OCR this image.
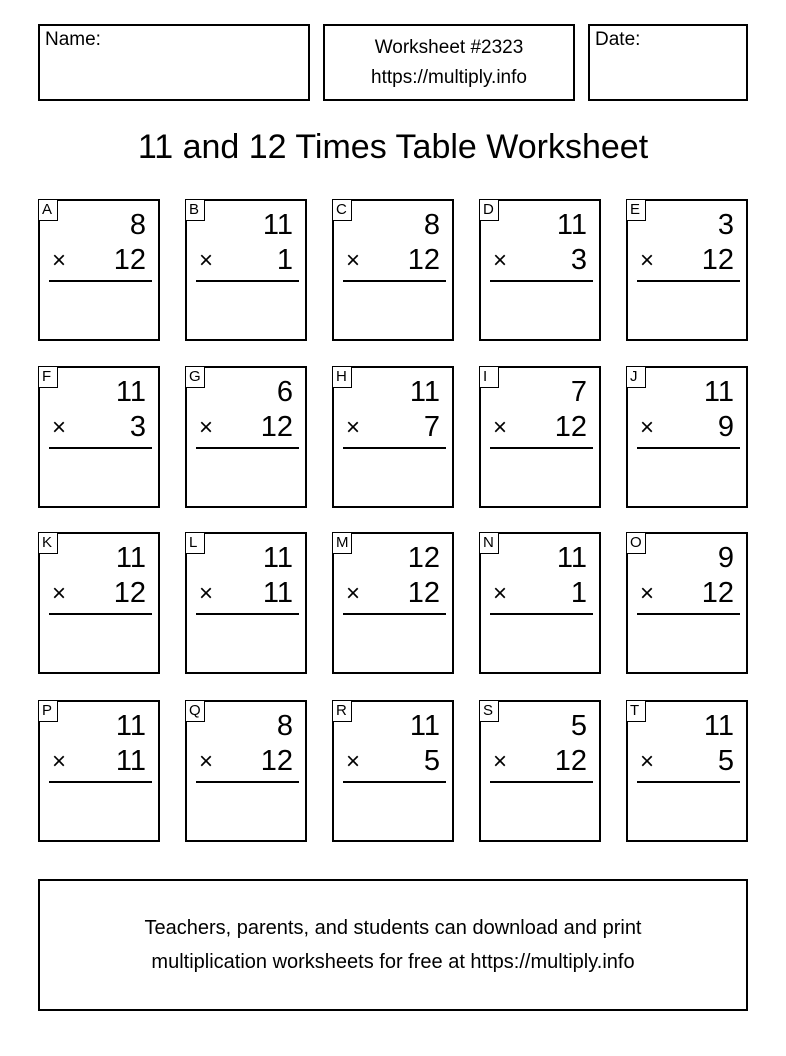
Name:	Worksheet #2323
https://multiply.info
Date:
11 and 12 Times Table Worksheet
A	8
× 12
B 11
× 1
C	8
× 12
D 11
× 3
E	3
× 12
F 11
× 3
G	6
× 12
H 11
× 7
I	7
× 12
J 11
× 9
K 11
× 12
L 11
× 11
M 12
× 12
N 11
× 1
O	9
× 12
P 11
× 11
Q	8
× 12
R 11
× 5
S	5
× 12
T 11
× 5
Teachers, parents, and students can download and print
multiplication worksheets for free at https://multiply.info
